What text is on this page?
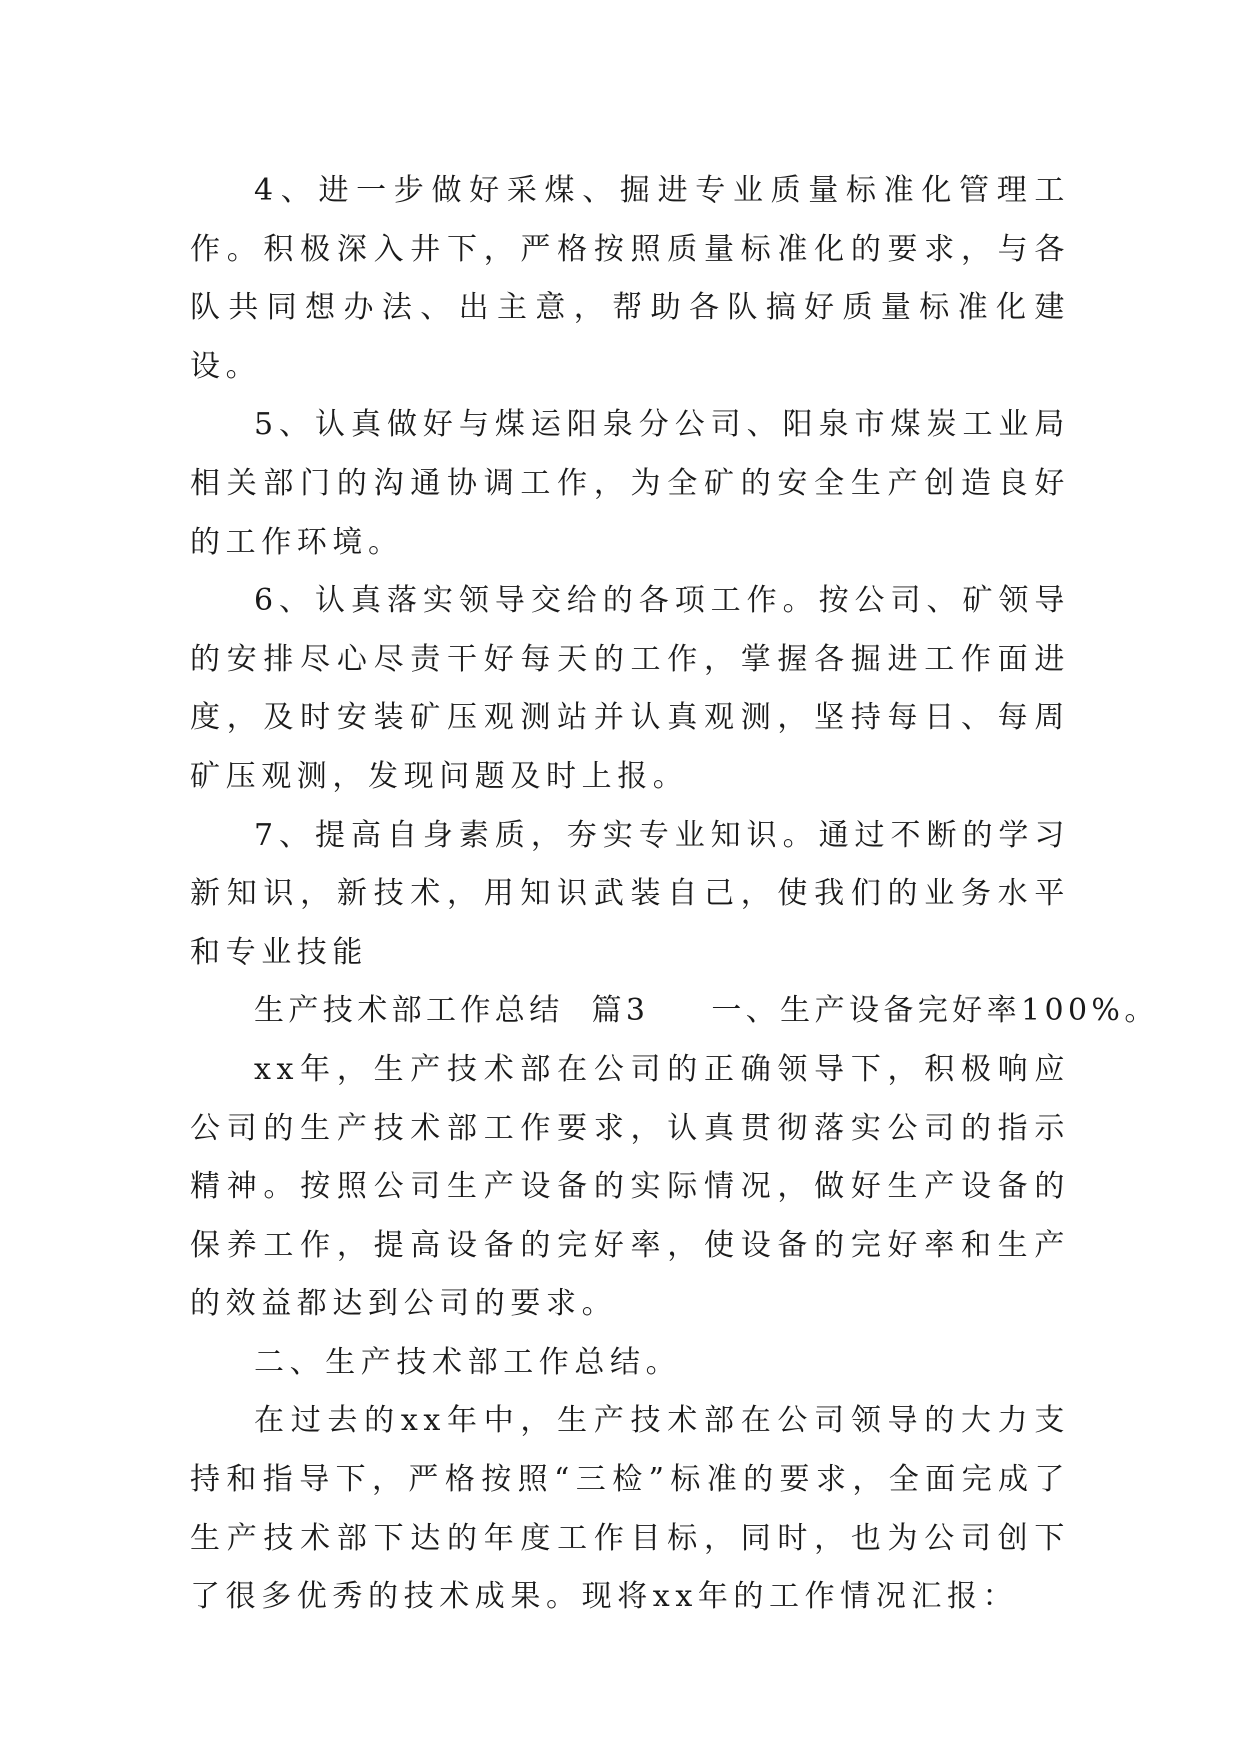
4、进一步做好采煤、掘进专业质量标准化管理工作。积极深入井下，严格按照质量标准化的要求，与各队共同想办法、出主意，帮助各队搞好质量标准化建设。

5、认真做好与煤运阳泉分公司、阳泉市煤炭工业局相关部门的沟通协调工作，为全矿的安全生产创造良好的工作环境。

6、认真落实领导交给的各项工作。按公司、矿领导的安排尽心尽责干好每天的工作，掌握各掘进工作面进度，及时安装矿压观测站并认真观测，坚持每日、每周矿压观测，发现问题及时上报。

7、提高自身素质，夯实专业知识。通过不断的学习新知识，新技术，用知识武装自己，使我们的业务水平和专业技能

生产技术部工作总结 篇3 一、生产设备完好率100%。

xx年，生产技术部在公司的正确领导下，积极响应公司的生产技术部工作要求，认真贯彻落实公司的指示精神。按照公司生产设备的实际情况，做好生产设备的保养工作，提高设备的完好率，使设备的完好率和生产的效益都达到公司的要求。

二、生产技术部工作总结。

在过去的xx年中，生产技术部在公司领导的大力支持和指导下，严格按照“三检”标准的要求，全面完成了生产技术部下达的年度工作目标，同时，也为公司创下了很多优秀的技术成果。现将xx年的工作情况汇报：
